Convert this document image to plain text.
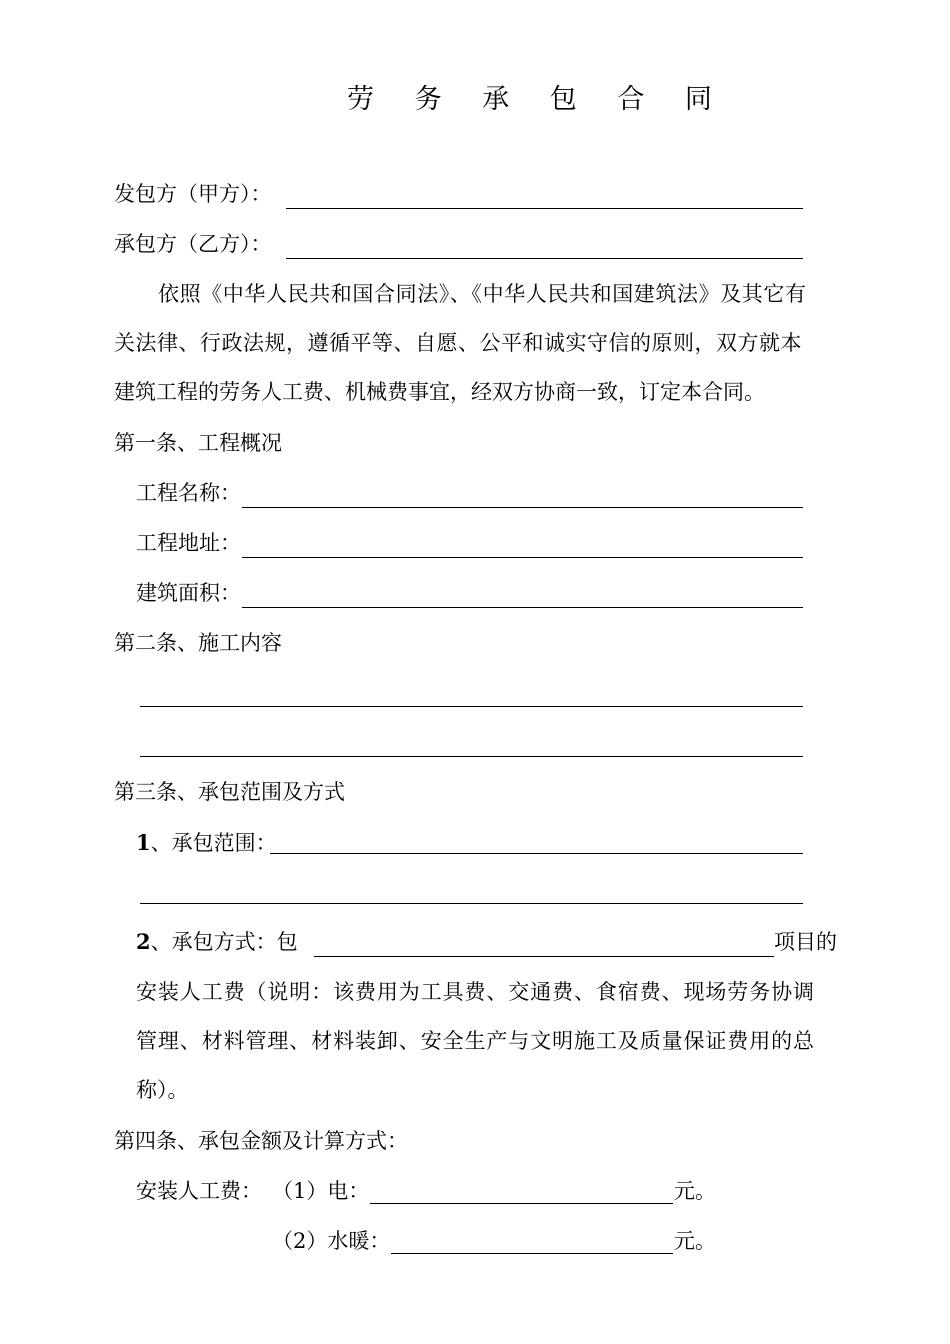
劳 务 承 包 合 同
发包方（甲方）：
承包方（乙方）：
依照《中华人民共和国合同法》、《中华人民共和国建筑法》及其它有
关法律、行政法规，遵循平等、自愿、公平和诚实守信的原则，双方就本
建筑工程的劳务人工费、机械费事宜，经双方协商一致，订定本合同。
第一条、工程概况
工程名称：
工程地址：
建筑面积：
第二条、施工内容
第三条、承包范围及方式
1、承包范围：
2、承包方式：包	项目的
安装人工费（说明：该费用为工具费、交通费、食宿费、现场劳务协调
管理、材料管理、材料装卸、安全生产与文明施工及质量保证费用的总
称）。
第四条、承包金额及计算方式：
安装人工费： （1）电：	元。
（2）水暖：	元。
